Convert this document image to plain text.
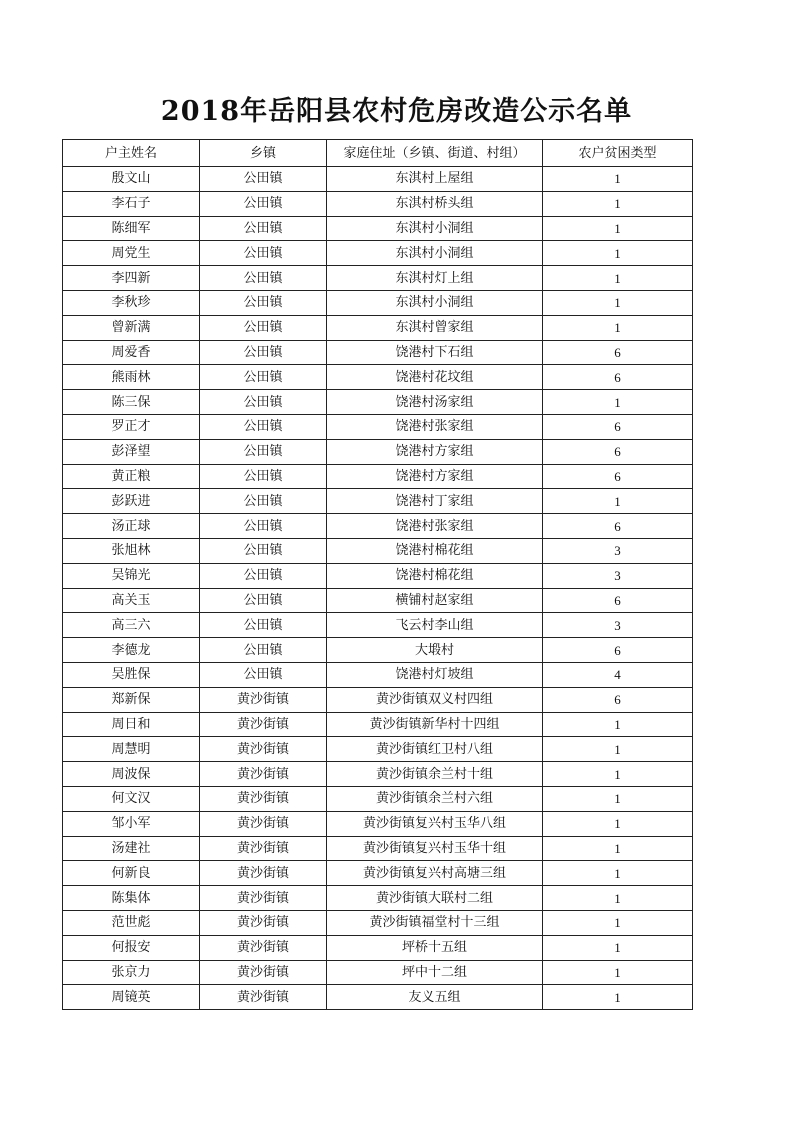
2018年岳阳县农村危房改造公示名单
户主姓名	乡镇	家庭住址（乡镇、街道、村组）	农户贫困类型
殷文山	公田镇	东淇村上屋组	1
李石子	公田镇	东淇村桥头组	1
陈细军	公田镇	东淇村小洞组	1
周党生	公田镇	东淇村小洞组	1
李四新	公田镇	东淇村灯上组	1
李秋珍	公田镇	东淇村小洞组	1
曾新满	公田镇	东淇村曾家组	1
周爱香	公田镇	饶港村下石组	6
熊雨林	公田镇	饶港村花坟组	6
陈三保	公田镇	饶港村汤家组	1
罗正才	公田镇	饶港村张家组	6
彭泽望	公田镇	饶港村方家组	6
黄正粮	公田镇	饶港村方家组	6
彭跃进	公田镇	饶港村丁家组	1
汤正球	公田镇	饶港村张家组	6
张旭林	公田镇	饶港村棉花组	3
吴锦光	公田镇	饶港村棉花组	3
高关玉	公田镇	横铺村赵家组	6
高三六	公田镇	飞云村李山组	3
李德龙	公田镇	大塅村	6
吴胜保	公田镇	饶港村灯坡组	4
郑新保	黄沙街镇	黄沙街镇双义村四组	6
周日和	黄沙街镇	黄沙街镇新华村十四组	1
周慧明	黄沙街镇	黄沙街镇红卫村八组	1
周波保	黄沙街镇	黄沙街镇余兰村十组	1
何文汉	黄沙街镇	黄沙街镇余兰村六组	1
邹小军	黄沙街镇	黄沙街镇复兴村玉华八组	1
汤建社	黄沙街镇	黄沙街镇复兴村玉华十组	1
何新良	黄沙街镇	黄沙街镇复兴村高塘三组	1
陈集体	黄沙街镇	黄沙街镇大联村二组	1
范世彪	黄沙街镇	黄沙街镇福堂村十三组	1
何报安	黄沙街镇	坪桥十五组	1
张京力	黄沙街镇	坪中十二组	1
周镜英	黄沙街镇	友义五组	1
